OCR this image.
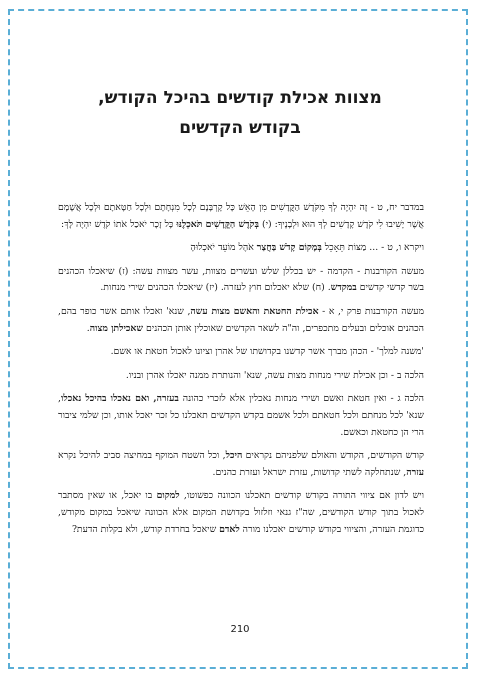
מצוות אכילת קודשים בהיכל הקודש,
בקודש הקדשים

במדבר יח, ט - זֶה יִהְיֶה לְךָ מִקֹּדֶשׁ הַקֳּדָשִׁים מִן הָאֵשׁ כָּל קָרְבָּנָם לְכָל מִנְחָתָם וּלְכָל חַטָּאתָם וּלְכָל אֲשָׁמָם אֲשֶׁר יָשִׁיבוּ לִי קֹדֶשׁ קָדָשִׁים לְךָ הוּא וּלְבָנֶיךָ: (י) בְּקֹדֶשׁ הַקֳּדָשִׁים תֹּאכְלֶנּוּ כָּל זָכָר יֹאכַל אֹתוֹ קֹדֶשׁ יִהְיֶה לָּךְ:

ויקרא ו, ט - ... מַצּוֹת תֵּאָכֵל בְּמָקוֹם קָדֹשׁ בַּחֲצַר אֹהֶל מוֹעֵד יֹאכְלוּהָ

מעשה הקורבנות - הקדמה - יש בכללן שלש ועשרים מצוות, עשר מצוות עשה: (ז) שיאכלו הכהנים בשר קדשי קדשים במקדש. (ח) שלא יאכלום חוץ לעזרה. (יז) שיאכלו הכהנים שירי מנחות.

מעשה הקורבנות פרק י, א - אכילת החטאת והאשם מצות עשה, שנא' ואכלו אותם אשר כופר בהם, הכהנים אוכלים ובעלים מתכפרים, וה"ה לשאר הקדשים שאוכלין אותן הכהנים שאכילתן מצוה.

'משנה למלך' - הכהן מברך אשר קדשנו בקדושתו של אהרן וציונו לאכול חטאת או אשם.

הלכה ב - וכן אכילת שירי מנחות מצות עשה, שנא' והנותרת ממנה יאכלו אהרן ובניו.

הלכה ג - ואין חטאת ואשם ושירי מנחות נאכלין אלא לזכרי כהונה בעזרה, ואם נאכלו בהיכל נאכלו, שנא' לכל מנחתם ולכל חטאתם ולכל אשמם בקדש הקדשים תאכלנו כל זכר יאכל אותו, וכן שלמי ציבור הרי הן כחטאת וכאשם.

קודש הקודשים, הקודש והאולם שלפניהם נקראים היכל, וכל השטח המוקף במחיצה סביב להיכל נקרא עזרה, שנתחלקה לשתי קדושות, עזרת ישראל ועזרת כהנים.

ויש לדון אם ציווי התורה בקודש קודשים תאכלנו הכוונה כפשוטו, למקום בו יאכל, או שאין מסתבר לאכול בתוך קודש הקודשים, שה"ז גנאי וזלזול בקדושת המקום אלא הכוונה שיאכל במקום מקודש, כדוגמת העזרה, והציווי בקודש קודשים יאכלנו מורה לאדם שיאכל בחרדת קודש, ולא בקלות הדעת?

210
